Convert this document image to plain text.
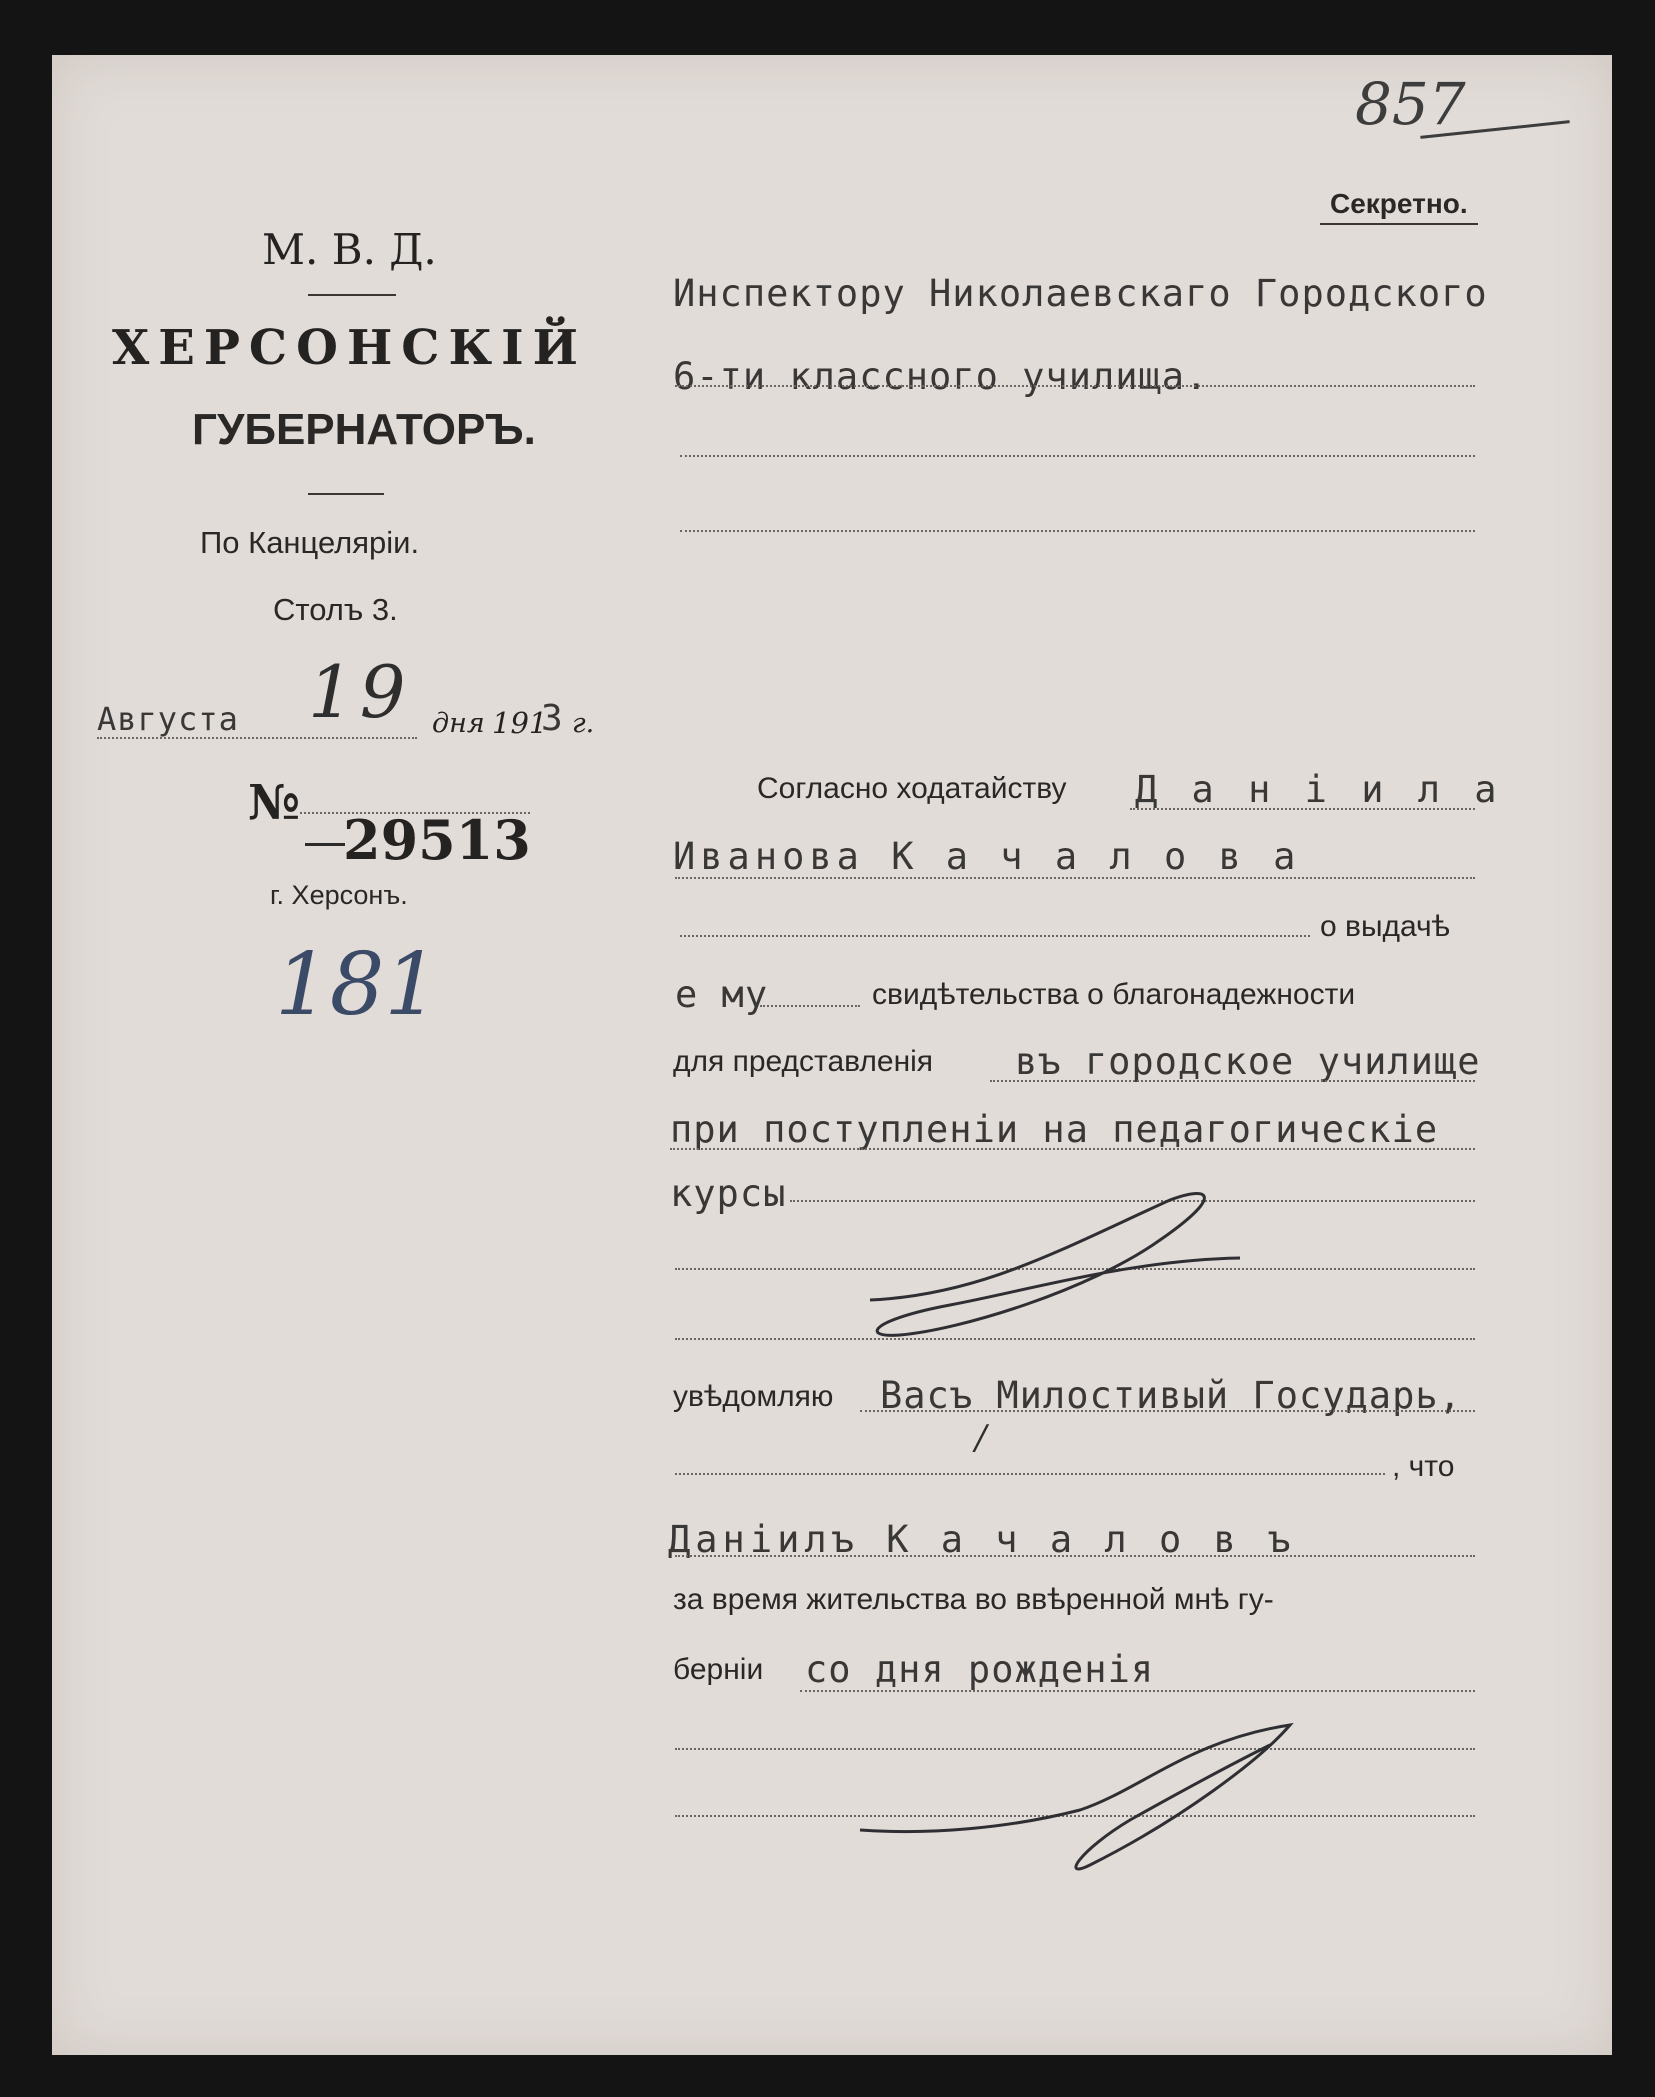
857
Секретно.
М. В. Д.
ХЕРСОНСКІЙ
ГУБЕРНАТОРЪ.
По Канцеляріи.
Столъ 3.
Августа 19 дня 191
3 г.
№
29513
г. Херсонъ.
181
Инспектору Николаевскаго Городского
6-ти классного училища.
Согласно ходатайству Д а н і и л а
Иванова К а ч а л о в а
о выдачѣ
е му	свидѣтельства о благонадежности
для представленія въ городское училище
при поступленіи на педагогическіе
курсы
увѣдомляю Васъ Милостивый Государь,
/
, что
Даніилъ К а ч а л о в ъ
за время жительства во ввѣренной мнѣ гу-
берніи со дня рожденія
